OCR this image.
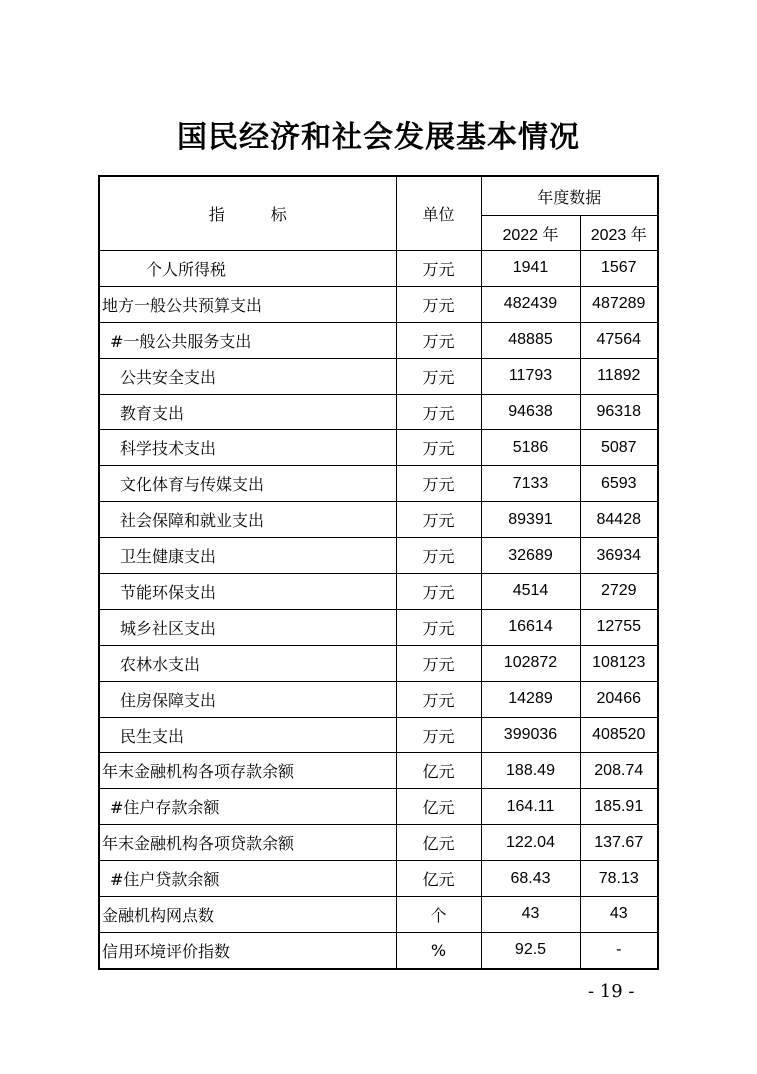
国民经济和社会发展基本情况
指 标	单位	年度数据	
		2022 年	2023 年
个人所得税	万元	1941	1567
地方一般公共预算支出	万元	482439	487289
#一般公共服务支出	万元	48885	47564
公共安全支出	万元	11793	11892
教育支出	万元	94638	96318
科学技术支出	万元	5186	5087
文化体育与传媒支出	万元	7133	6593
社会保障和就业支出	万元	89391	84428
卫生健康支出	万元	32689	36934
节能环保支出	万元	4514	2729
城乡社区支出	万元	16614	12755
农林水支出	万元	102872	108123
住房保障支出	万元	14289	20466
民生支出	万元	399036	408520
年末金融机构各项存款余额	亿元	188.49	208.74
#住户存款余额	亿元	164.11	185.91
年末金融机构各项贷款余额	亿元	122.04	137.67
#住户贷款余额	亿元	68.43	78.13
金融机构网点数	个	43	43
信用环境评价指数	%	92.5	-
- 19 -
